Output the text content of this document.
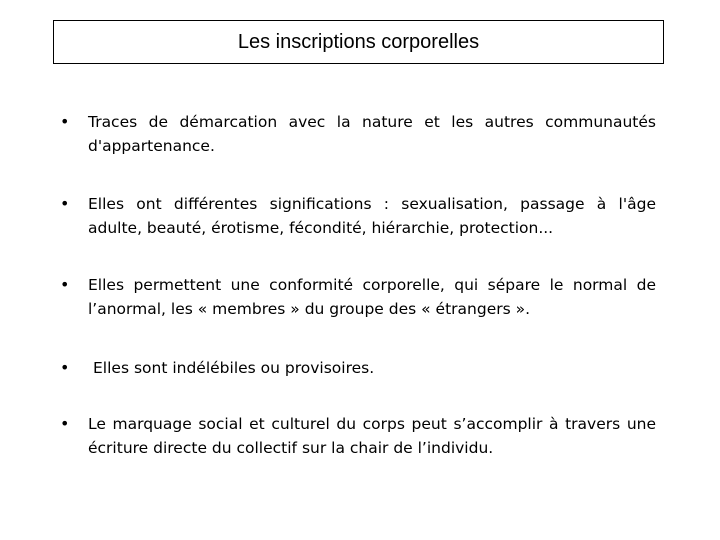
Les inscriptions corporelles
• Traces de démarcation avec la nature et les autres communautés d'appartenance.
• Elles ont différentes significations : sexualisation, passage à l'âge adulte, beauté, érotisme, fécondité, hiérarchie, protection...
• Elles permettent une conformité corporelle, qui sépare le normal de l’anormal, les « membres » du groupe des « étrangers ».
• Elles sont indélébiles ou provisoires.
• Le marquage social et culturel du corps peut s’accomplir à travers une écriture directe du collectif sur la chair de l’individu.
